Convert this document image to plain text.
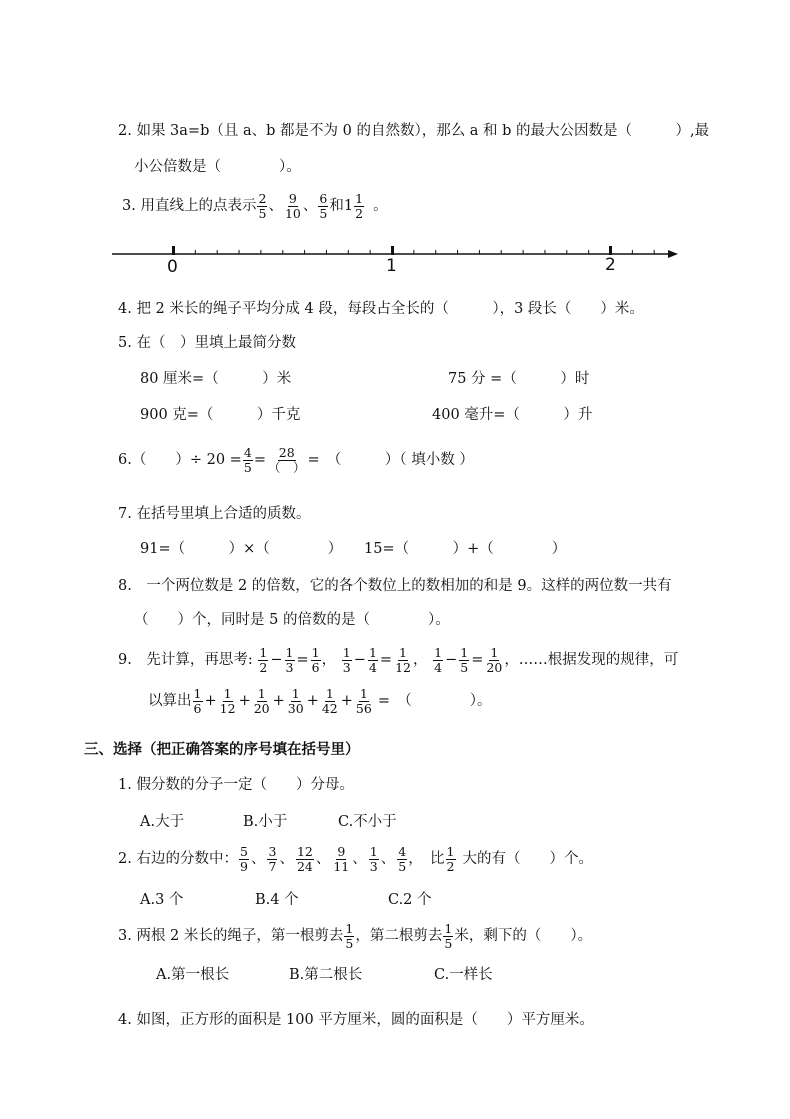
2. 如果 3a=b（且 a、b 都是不为 0 的自然数），那么 a 和 b 的最大公因数是（　　　）,最
小公倍数是（　　　　）。
3. 用直线上的点表示 $\frac{2}{5}$ 、 $\frac{9}{10}$ 、 $\frac{6}{5}$ 和$1 \frac{1}{2}$ 。
0	1	2
4. 把 2 米长的绳子平均分成 4 段，每段占全长的（　　　），3 段长（　　）米。
5. 在（　）里填上最简分数
80 厘米=（　　　）米	75 分 =（　　　）时
900 克=（　　　）千克	400 毫升=（　　　）升
6.（　　）÷ $20 = \frac{4}{5} = 28$
（　） =　（　　　）（ 填小数 ）
7. 在括号里填上合适的质数。
91=（　　　）×（　　　　）　　15=（　　　）+（　　　　）
8.　一个两位数是 2 的倍数，它的各个数位上的数相加的和是 9。这样的两位数一共有
（　　）个，同时是 5 的倍数的是（　　　　）。
9.　先计算，再思考: $\frac{1}{2} - \frac{1}{3} = \frac{1}{6}$ ， $\frac{1}{3} - \frac{1}{4} = \frac{1}{12}$ ， $\frac{1}{4} - \frac{1}{5} = \frac{1}{20}$ ，……根据发现的规律，可
以算出 $\frac{1}{6} + \frac{1}{12} + \frac{1}{20} + \frac{1}{30} + \frac{1}{42} + \frac{1}{56}$ =　（　　　　）。
三、选择（把正确答案的序号填在括号里）
1. 假分数的分子一定（　　）分母。
A.大于	B.小于	C.不小于
2. 右边的分数中： $\frac{5}{9}$ 、 $\frac{3}{7}$ 、 $\frac{12}{24}$ 、 $\frac{9}{11}$ 、 $\frac{1}{3}$ 、 $\frac{4}{5}$ ，　比 $\frac{1}{2}$ 大的有（　　）个。
A.3 个	B.4 个	C.2 个
3. 两根 2 米长的绳子，第一根剪去 $\frac{1}{5}$ ，第二根剪去 $\frac{1}{5}$ 米，剩下的（　　）。
A.第一根长	B.第二根长	C.一样长
4. 如图，正方形的面积是 100 平方厘米，圆的面积是（　　）平方厘米。
